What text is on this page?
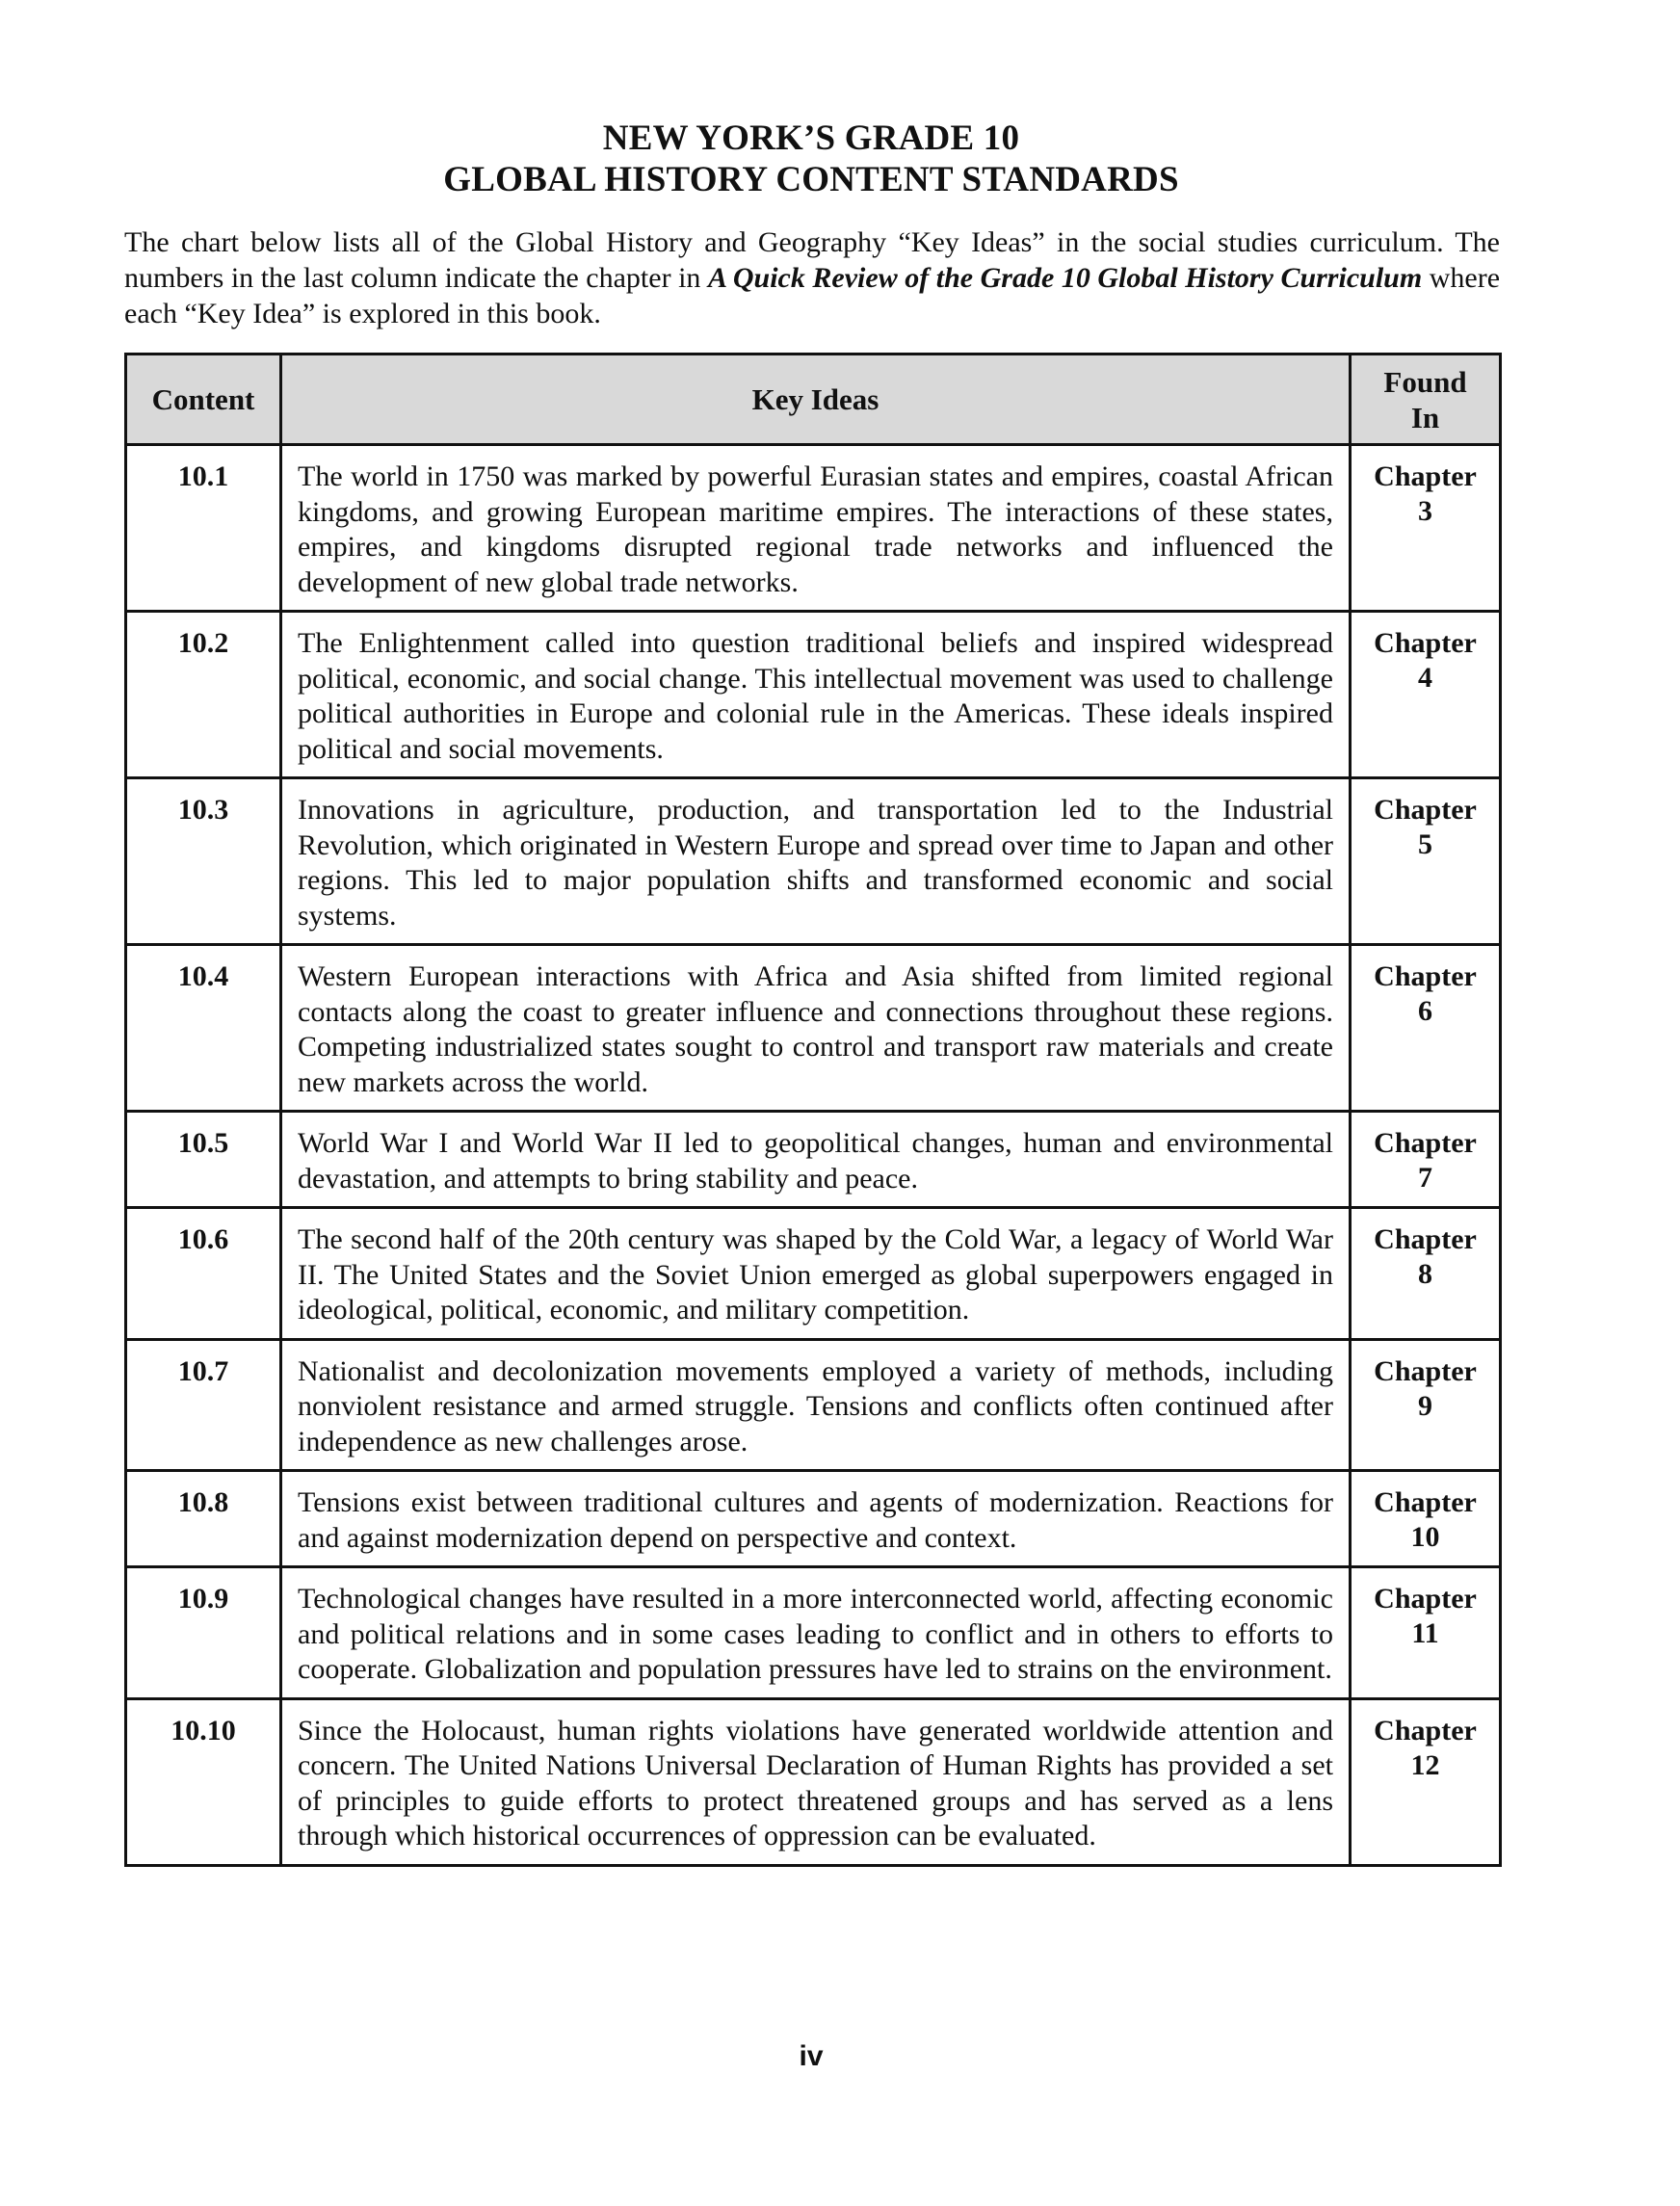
NEW YORK’S GRADE 10
GLOBAL HISTORY CONTENT STANDARDS

The chart below lists all of the Global History and Geography “Key Ideas” in the social studies curriculum. The numbers in the last column indicate the chapter in A Quick Review of the Grade 10 Global History Curriculum where each “Key Idea” is explored in this book.

Content	Key Ideas	Found
In
10.1	The world in 1750 was marked by powerful Eurasian states and empires, coastal African kingdoms, and growing European maritime empires. The interactions of these states, empires, and kingdoms disrupted regional trade networks and influenced the development of new global trade networks.	Chapter
3

10.2	The Enlightenment called into question traditional beliefs and inspired widespread political, economic, and social change. This intellectual movement was used to challenge political authorities in Europe and colonial rule in the Americas. These ideals inspired political and social movements.	Chapter
4

10.3	Innovations in agriculture, production, and transportation led to the Industrial Revolution, which originated in Western Europe and spread over time to Japan and other regions. This led to major population shifts and transformed economic and social systems.	Chapter
5

10.4	Western European interactions with Africa and Asia shifted from limited regional contacts along the coast to greater influence and connections throughout these regions. Competing industrialized states sought to control and transport raw materials and create new markets across the world.	Chapter
6

10.5	World War I and World War II led to geopolitical changes, human and environmental devastation, and attempts to bring stability and peace.	Chapter
7

10.6	The second half of the 20th century was shaped by the Cold War, a legacy of World War II. The United States and the Soviet Union emerged as global superpowers engaged in ideological, political, economic, and military competition.	Chapter
8

10.7	Nationalist and decolonization movements employed a variety of methods, including nonviolent resistance and armed struggle. Tensions and conflicts often continued after independence as new challenges arose.	Chapter
9

10.8	Tensions exist between traditional cultures and agents of modernization. Reactions for and against modernization depend on perspective and context.	Chapter
10

10.9	Technological changes have resulted in a more interconnected world, affecting economic and political relations and in some cases leading to conflict and in others to efforts to cooperate. Globalization and population pressures have led to strains on the environment.	Chapter
11

10.10	Since the Holocaust, human rights violations have generated worldwide attention and concern. The United Nations Universal Declaration of Human Rights has provided a set of principles to guide efforts to protect threatened groups and has served as a lens through which historical occurrences of oppression can be evaluated.	Chapter
12
iv
